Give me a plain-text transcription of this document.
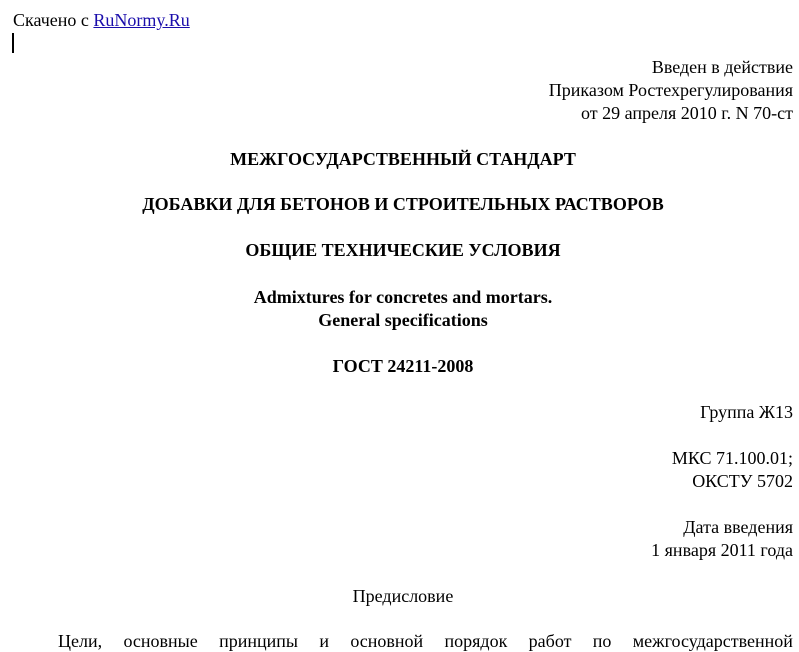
Скачено с RuNormy.Ru
Введен в действие
Приказом Ростехрегулирования
от 29 апреля 2010 г. N 70-ст
МЕЖГОСУДАРСТВЕННЫЙ СТАНДАРТ
ДОБАВКИ ДЛЯ БЕТОНОВ И СТРОИТЕЛЬНЫХ РАСТВОРОВ
ОБЩИЕ ТЕХНИЧЕСКИЕ УСЛОВИЯ
Admixtures for concretes and mortars.
General specifications
ГОСТ 24211-2008
Группа Ж13
МКС 71.100.01;
ОКСТУ 5702
Дата введения
1 января 2011 года
Предисловие
Цели, основные принципы и основной порядок работ по межгосударственной
